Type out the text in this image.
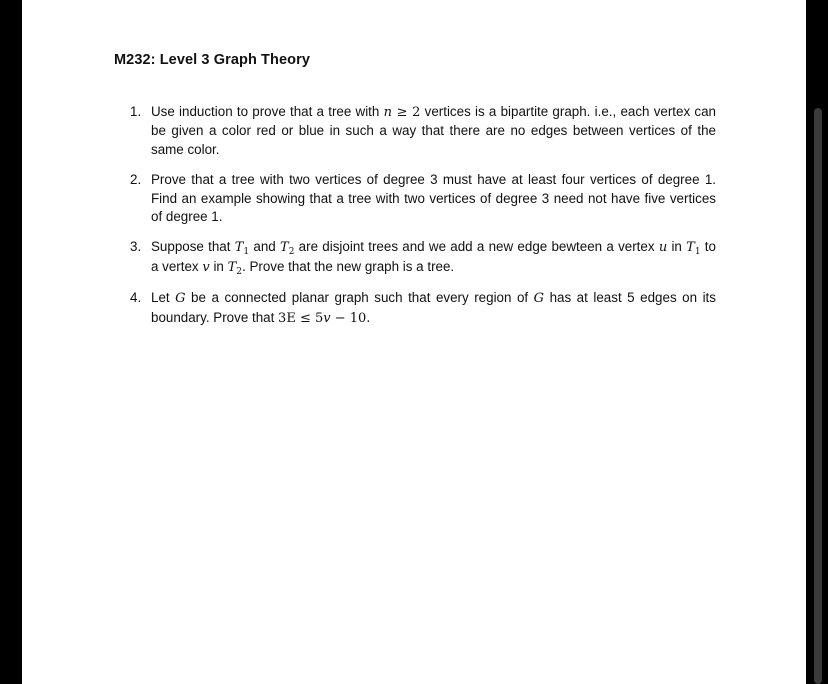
M232: Level 3 Graph Theory
1. Use induction to prove that a tree with n ≥ 2 vertices is a bipartite graph. i.e., each vertex can be given a color red or blue in such a way that there are no edges between vertices of the same color.
2. Prove that a tree with two vertices of degree 3 must have at least four vertices of degree 1. Find an example showing that a tree with two vertices of degree 3 need not have five vertices of degree 1.
3. Suppose that $T_1$ and $T_2$ are disjoint trees and we add a new edge bewteen a vertex u in $T_1$ to a vertex v in $T_2$. Prove that the new graph is a tree.
4. Let G be a connected planar graph such that every region of G has at least 5 edges on its boundary. Prove that 3E ≤ 5v − 10.
